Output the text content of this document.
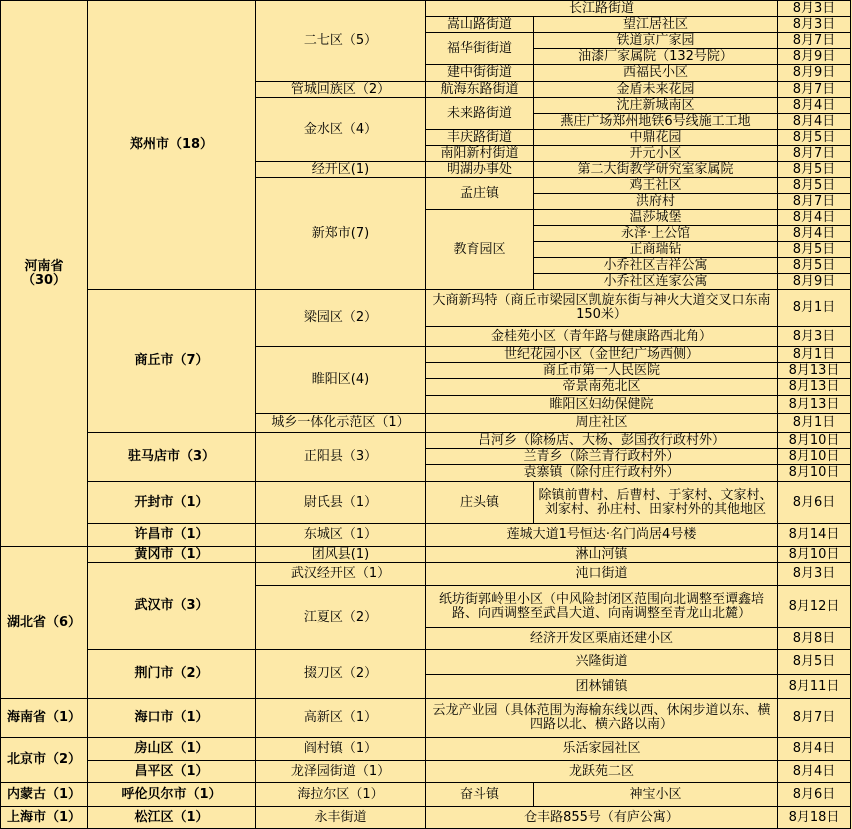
河南省（30）	郑州市（18）	二七区（5）	长江路街道		8月3日
			嵩山路街道	望江居社区	8月3日
			福华街街道	铁道京广家园	8月7日
				油漆厂家属院（132号院）	8月9日
			建中街街道	西福民小区	8月9日
		管城回族区（2）	航海东路街道	金盾未来花园	8月7日
		金水区（4）	未来路街道	沈庄新城南区	8月4日
				燕庄广场郑州地铁6号线施工工地	8月4日
			丰庆路街道	中鼎花园	8月5日
			南阳新村街道	开元小区	8月7日
		经开区(1)	明湖办事处	第二大街教学研究室家属院	8月5日
		新郑市(7)	孟庄镇	鸡王社区	8月5日
				洪府村	8月7日
			教育园区	温莎城堡	8月4日
				永泽·上公馆	8月4日
				正商瑞钻	8月5日
				小乔社区吉祥公寓	8月5日
				小乔社区连家公寓	8月9日
	商丘市（7）	梁园区（2）	大商新玛特（商丘市梁园区凯旋东街与神火大道交叉口东南150米）		8月1日
			金桂苑小区（青年路与健康路西北角）		8月3日
		睢阳区(4)	世纪花园小区（金世纪广场西侧）		8月1日
			商丘市第一人民医院		8月13日
			帝景南苑北区		8月13日
			睢阳区妇幼保健院		8月13日
		城乡一体化示范区（1）	周庄社区		8月1日
	驻马店市（3）	正阳县（3）	吕河乡（除杨店、大杨、彭国孜行政村外）		8月10日
			兰青乡（除兰青行政村外）		8月10日
			袁寨镇（除付庄行政村外）		8月10日
	开封市（1）	尉氏县（1）	庄头镇	除镇前曹村、后曹村、于家村、文家村、刘家村、孙庄村、田家村外的其他地区	8月6日
	许昌市（1）	东城区（1）	莲城大道1号恒达·名门尚居4号楼		8月14日
湖北省（6）	黄冈市（1）	团风县(1)	淋山河镇		8月10日
	武汉市（3）	武汉经开区（1）	沌口街道		8月3日
		江夏区（2）	纸坊街郭岭里小区（中风险封闭区范围向北调整至谭鑫培路、向西调整至武昌大道、向南调整至青龙山北麓）		8月12日
			经济开发区栗庙还建小区		8月8日
	荆门市（2）	掇刀区（2）	兴隆街道		8月5日
			团林铺镇		8月11日
海南省（1）	海口市（1）	高新区（1）	云龙产业园（具体范围为海榆东线以西、休闲步道以东、横四路以北、横六路以南）		8月7日
北京市（2）	房山区（1）	阎村镇（1）	乐活家园社区		8月4日
	昌平区（1）	龙泽园街道（1）	龙跃苑二区		8月4日
内蒙古（1）	呼伦贝尔市（1）	海拉尔区（1）	奋斗镇	神宝小区	8月6日
上海市（1）	松江区（1）	永丰街道	仓丰路855号（有庐公寓）		8月18日
